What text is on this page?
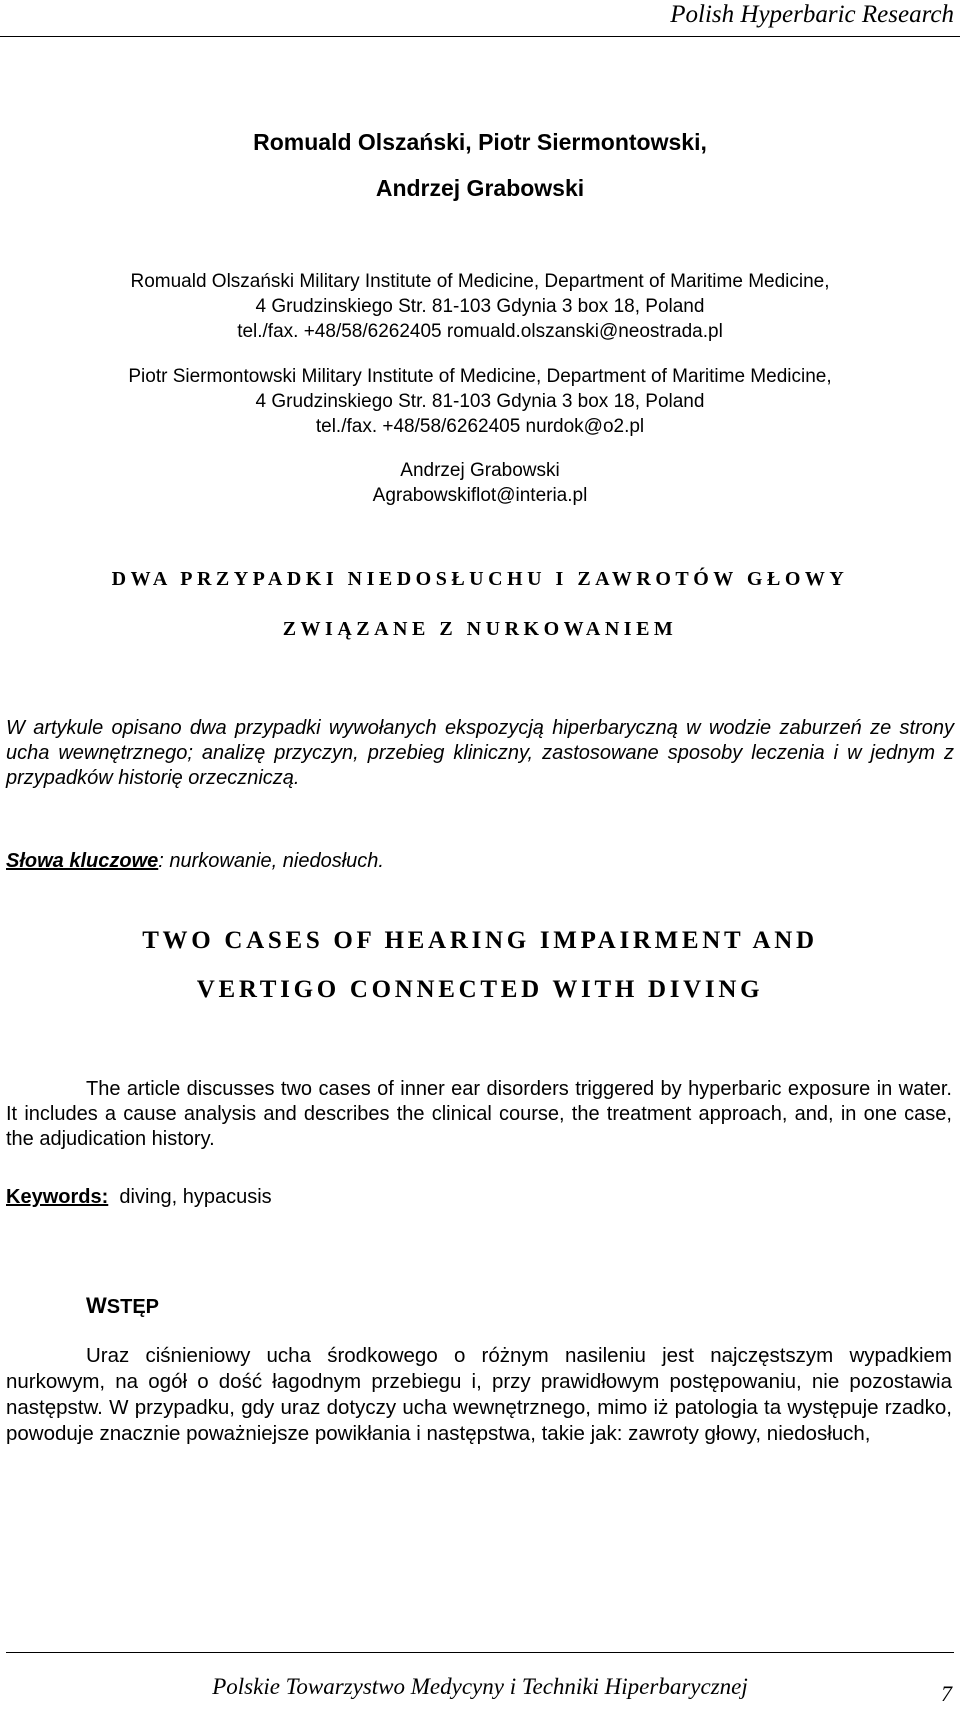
Polish Hyperbaric Research
Romuald Olszański, Piotr Siermontowski,
Andrzej Grabowski
Romuald Olszański Military Institute of Medicine, Department of Maritime Medicine,
4 Grudzinskiego Str. 81-103 Gdynia 3 box 18, Poland
tel./fax. +48/58/6262405 romuald.olszanski@neostrada.pl
Piotr Siermontowski Military Institute of Medicine, Department of Maritime Medicine,
4 Grudzinskiego Str. 81-103 Gdynia 3 box 18, Poland
tel./fax. +48/58/6262405 nurdok@o2.pl
Andrzej Grabowski
Agrabowskiflot@interia.pl
DWA PRZYPADKI NIEDOSŁUCHU I ZAWROTÓW GŁOWY
ZWIĄZANE Z NURKOWANIEM
W artykule opisano dwa przypadki wywołanych ekspozycją hiperbaryczną w wodzie zaburzeń ze strony ucha wewnętrznego; analizę przyczyn, przebieg kliniczny, zastosowane sposoby leczenia i w jednym z przypadków historię orzeczniczą.
Słowa kluczowe: nurkowanie, niedosłuch.
TWO CASES OF HEARING IMPAIRMENT AND
VERTIGO CONNECTED WITH DIVING
The article discusses two cases of inner ear disorders triggered by hyperbaric exposure in water. It includes a cause analysis and describes the clinical course, the treatment approach, and, in one case, the adjudication history.
Keywords: diving, hypacusis
WSTĘP
Uraz ciśnieniowy ucha środkowego o różnym nasileniu jest najczęstszym wypadkiem nurkowym, na ogół o dość łagodnym przebiegu i, przy prawidłowym postępowaniu, nie pozostawia następstw. W przypadku, gdy uraz dotyczy ucha wewnętrznego, mimo iż patologia ta występuje rzadko, powoduje znacznie poważniejsze powikłania i następstwa, takie jak: zawroty głowy, niedosłuch,
Polskie Towarzystwo Medycyny i Techniki Hiperbarycznej	7
